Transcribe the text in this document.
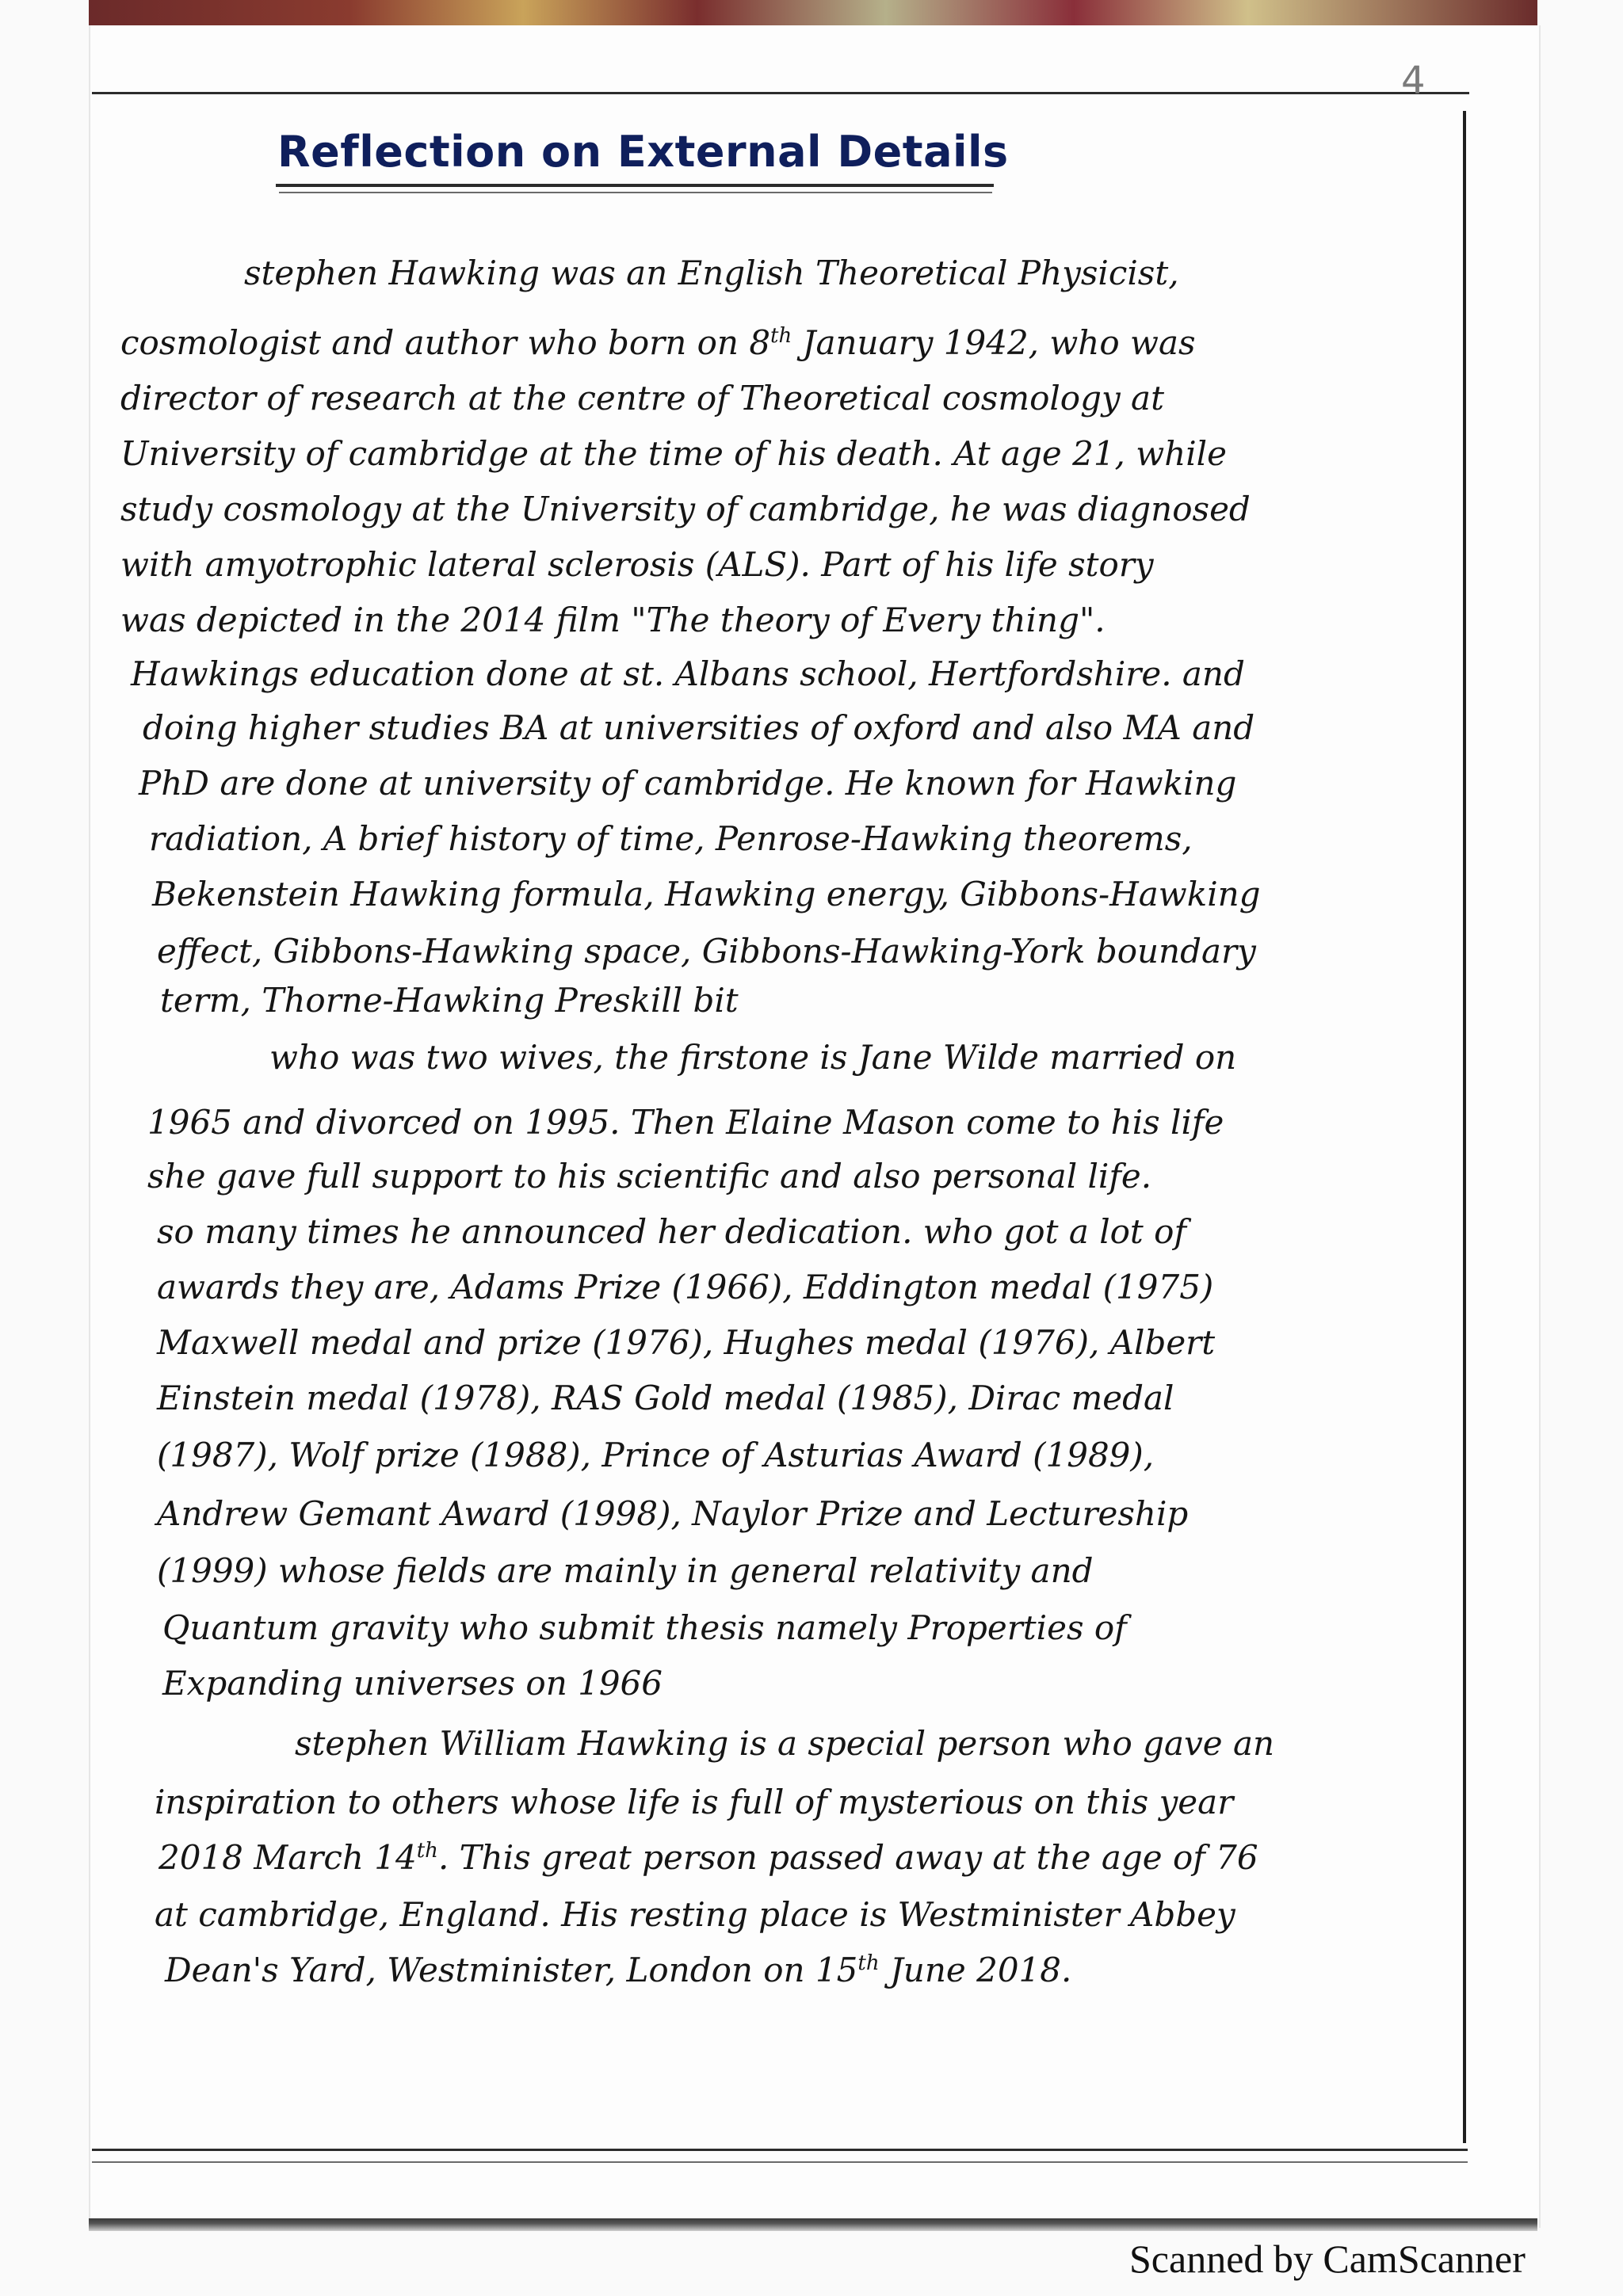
4
Reflection on External Details
stephen Hawking was an English Theoretical Physicist,
cosmologist and author who born on 8th January 1942, who was
director of research at the centre of Theoretical cosmology at
University of cambridge at the time of his death. At age 21, while
study cosmology at the University of cambridge, he was diagnosed
with amyotrophic lateral sclerosis (ALS). Part of his life story
was depicted in the 2014 film "The theory of Every thing".
Hawkings education done at st. Albans school, Hertfordshire. and
doing higher studies BA at universities of oxford and also MA and
PhD are done at university of cambridge. He known for Hawking
radiation, A brief history of time, Penrose-Hawking theorems,
Bekenstein Hawking formula, Hawking energy, Gibbons-Hawking
effect, Gibbons-Hawking space, Gibbons-Hawking-York boundary
term, Thorne-Hawking Preskill bit
who was two wives, the firstone is Jane Wilde married on
1965 and divorced on 1995. Then Elaine Mason come to his life
she gave full support to his scientific and also personal life.
so many times he announced her dedication. who got a lot of
awards they are, Adams Prize (1966), Eddington medal (1975)
Maxwell medal and prize (1976), Hughes medal (1976), Albert
Einstein medal (1978), RAS Gold medal (1985), Dirac medal
(1987), Wolf prize (1988), Prince of Asturias Award (1989),
Andrew Gemant Award (1998), Naylor Prize and Lectureship
(1999) whose fields are mainly in general relativity and
Quantum gravity who submit thesis namely Properties of
Expanding universes on 1966
stephen William Hawking is a special person who gave an
inspiration to others whose life is full of mysterious on this year
2018 March 14th. This great person passed away at the age of 76
at cambridge, England. His resting place is Westminister Abbey
Dean's Yard, Westminister, London on 15th June 2018.
Scanned by CamScanner
